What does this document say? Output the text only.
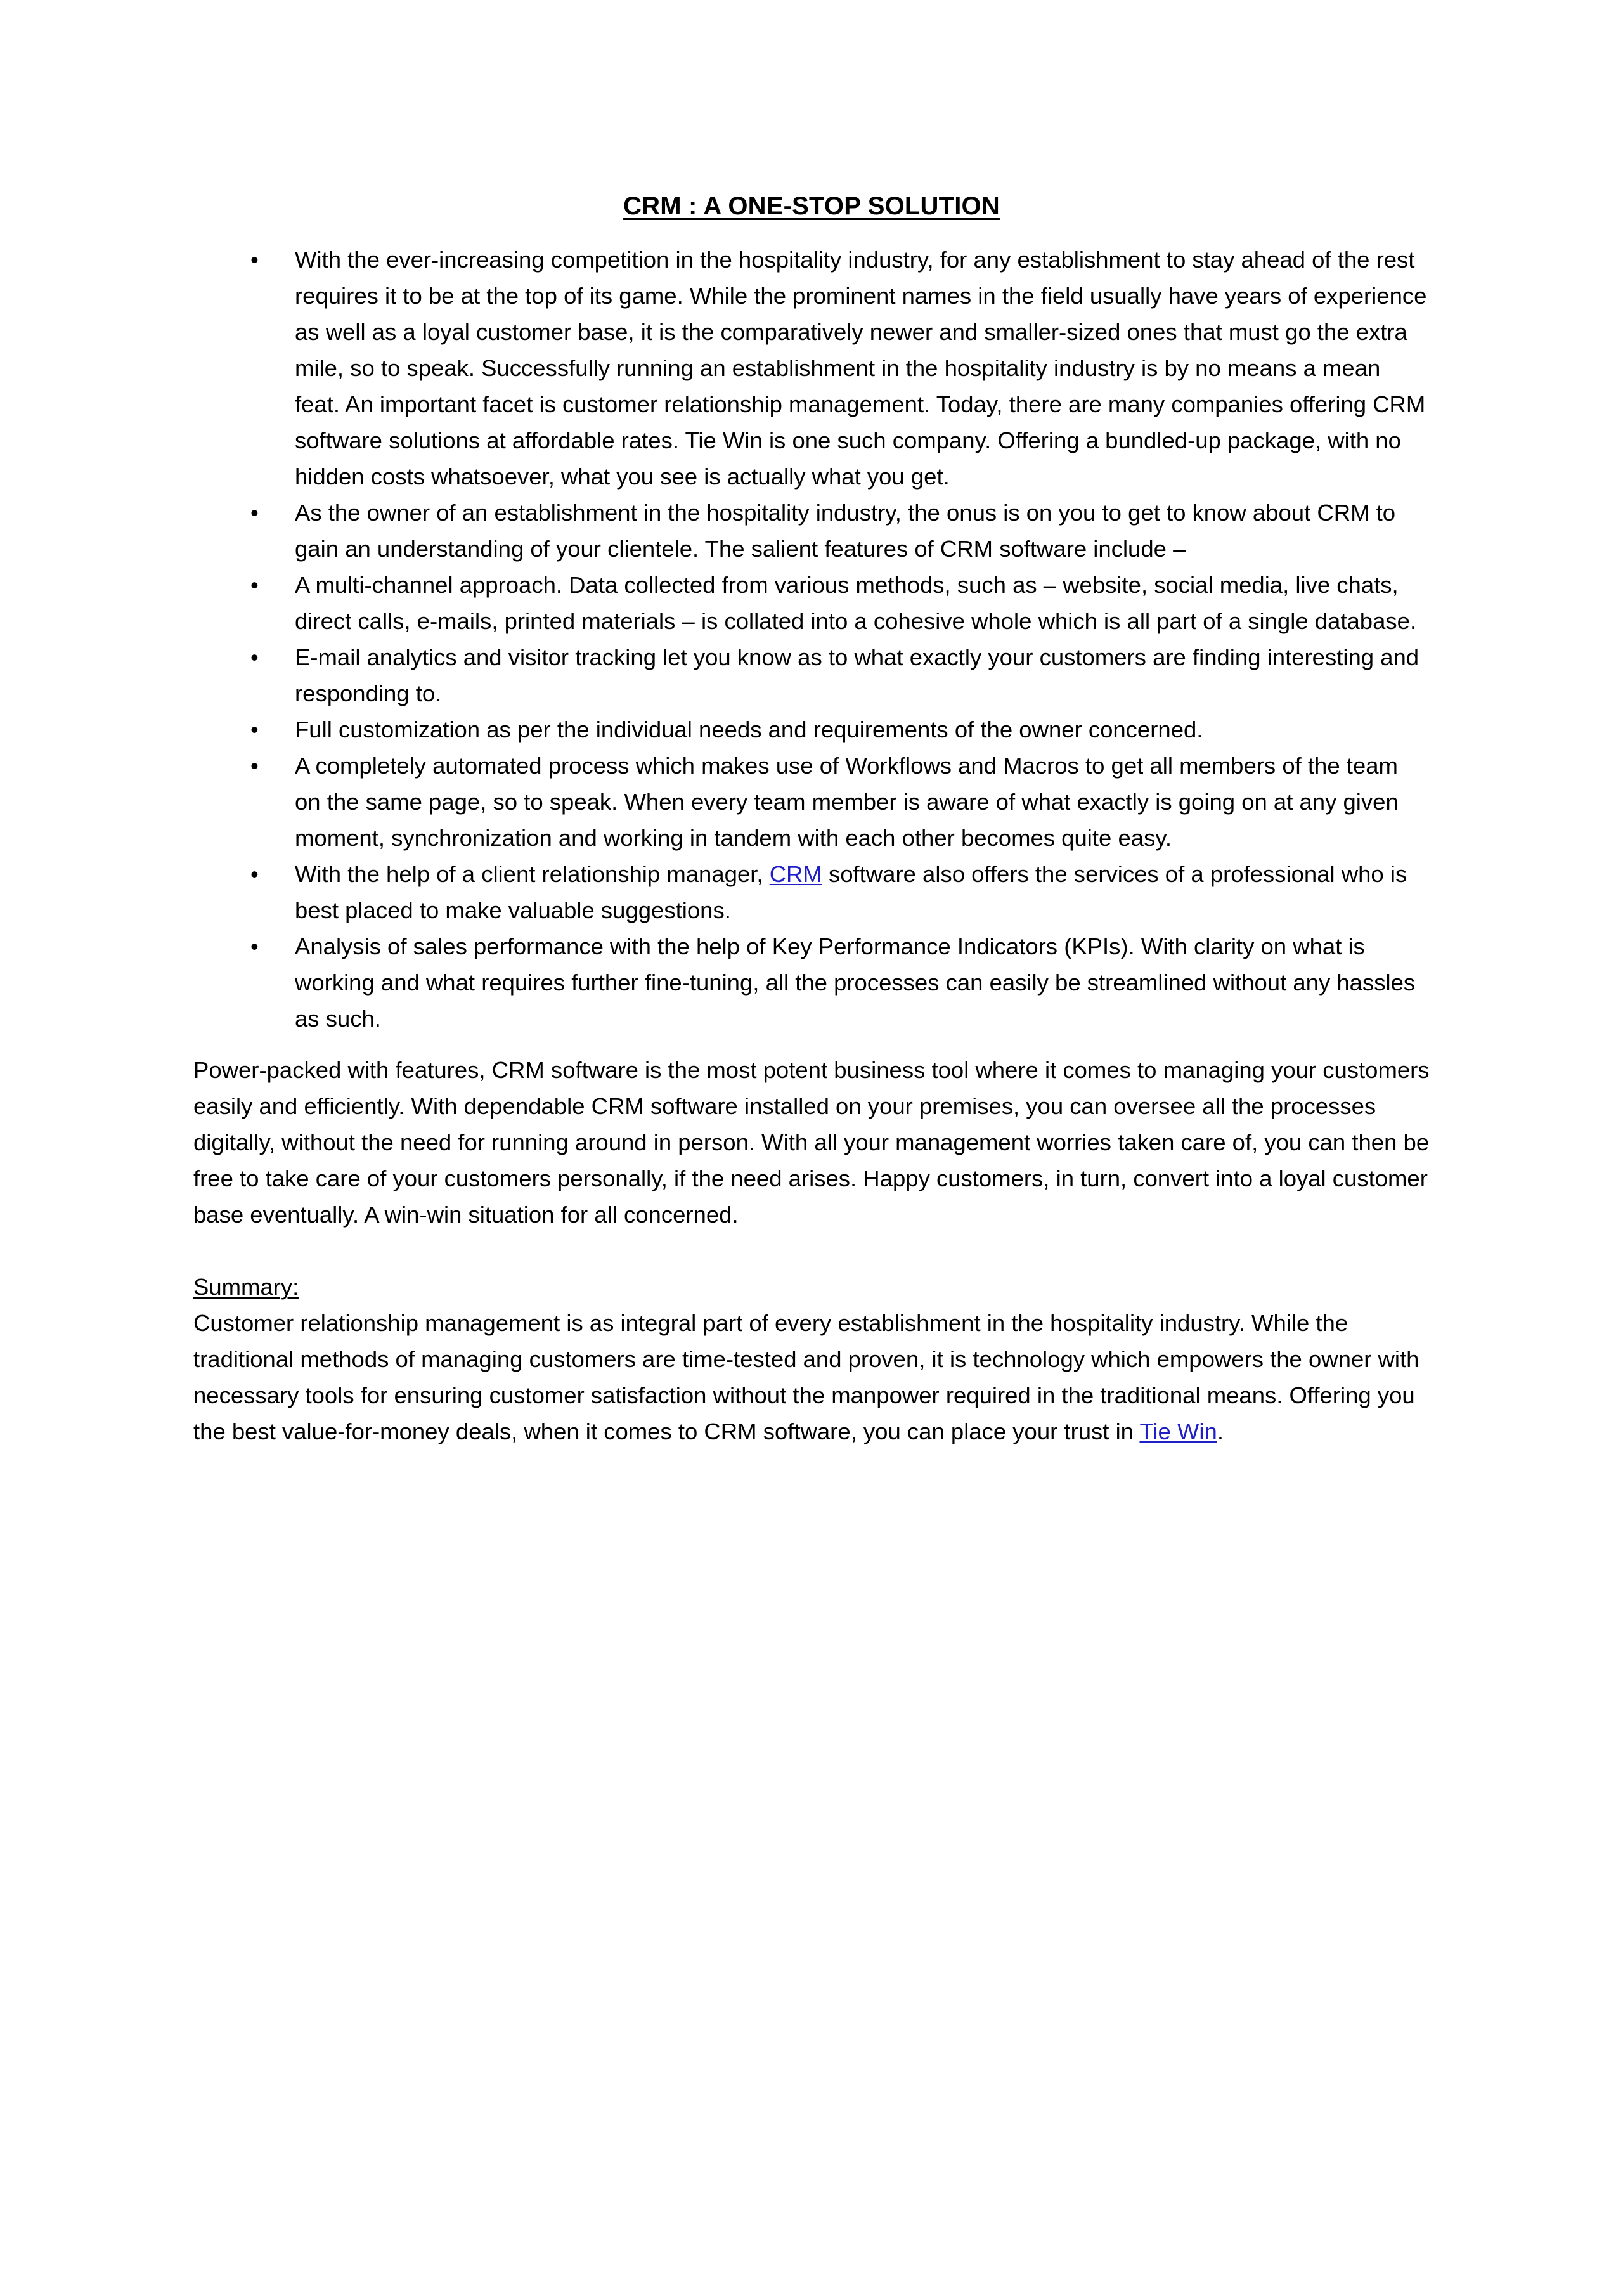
CRM : A ONE-STOP SOLUTION
• With the ever-increasing competition in the hospitality industry, for any establishment to stay ahead of the rest requires it to be at the top of its game. While the prominent names in the field usually have years of experience as well as a loyal customer base, it is the comparatively newer and smaller-sized ones that must go the extra mile, so to speak. Successfully running an establishment in the hospitality industry is by no means a mean feat. An important facet is customer relationship management. Today, there are many companies offering CRM software solutions at affordable rates. Tie Win is one such company. Offering a bundled-up package, with no hidden costs whatsoever, what you see is actually what you get.
• As the owner of an establishment in the hospitality industry, the onus is on you to get to know about CRM to gain an understanding of your clientele. The salient features of CRM software include –
• A multi-channel approach. Data collected from various methods, such as – website, social media, live chats, direct calls, e-mails, printed materials – is collated into a cohesive whole which is all part of a single database.
• E-mail analytics and visitor tracking let you know as to what exactly your customers are finding interesting and responding to.
• Full customization as per the individual needs and requirements of the owner concerned.
• A completely automated process which makes use of Workflows and Macros to get all members of the team on the same page, so to speak. When every team member is aware of what exactly is going on at any given moment, synchronization and working in tandem with each other becomes quite easy.
• With the help of a client relationship manager, CRM software also offers the services of a professional who is best placed to make valuable suggestions.
• Analysis of sales performance with the help of Key Performance Indicators (KPIs). With clarity on what is working and what requires further fine-tuning, all the processes can easily be streamlined without any hassles as such.

Power-packed with features, CRM software is the most potent business tool where it comes to managing your customers easily and efficiently. With dependable CRM software installed on your premises, you can oversee all the processes digitally, without the need for running around in person. With all your management worries taken care of, you can then be free to take care of your customers personally, if the need arises. Happy customers, in turn, convert into a loyal customer base eventually. A win-win situation for all concerned.

Summary:

Customer relationship management is as integral part of every establishment in the hospitality industry. While the traditional methods of managing customers are time-tested and proven, it is technology which empowers the owner with necessary tools for ensuring customer satisfaction without the manpower required in the traditional means. Offering you the best value-for-money deals, when it comes to CRM software, you can place your trust in Tie Win.
